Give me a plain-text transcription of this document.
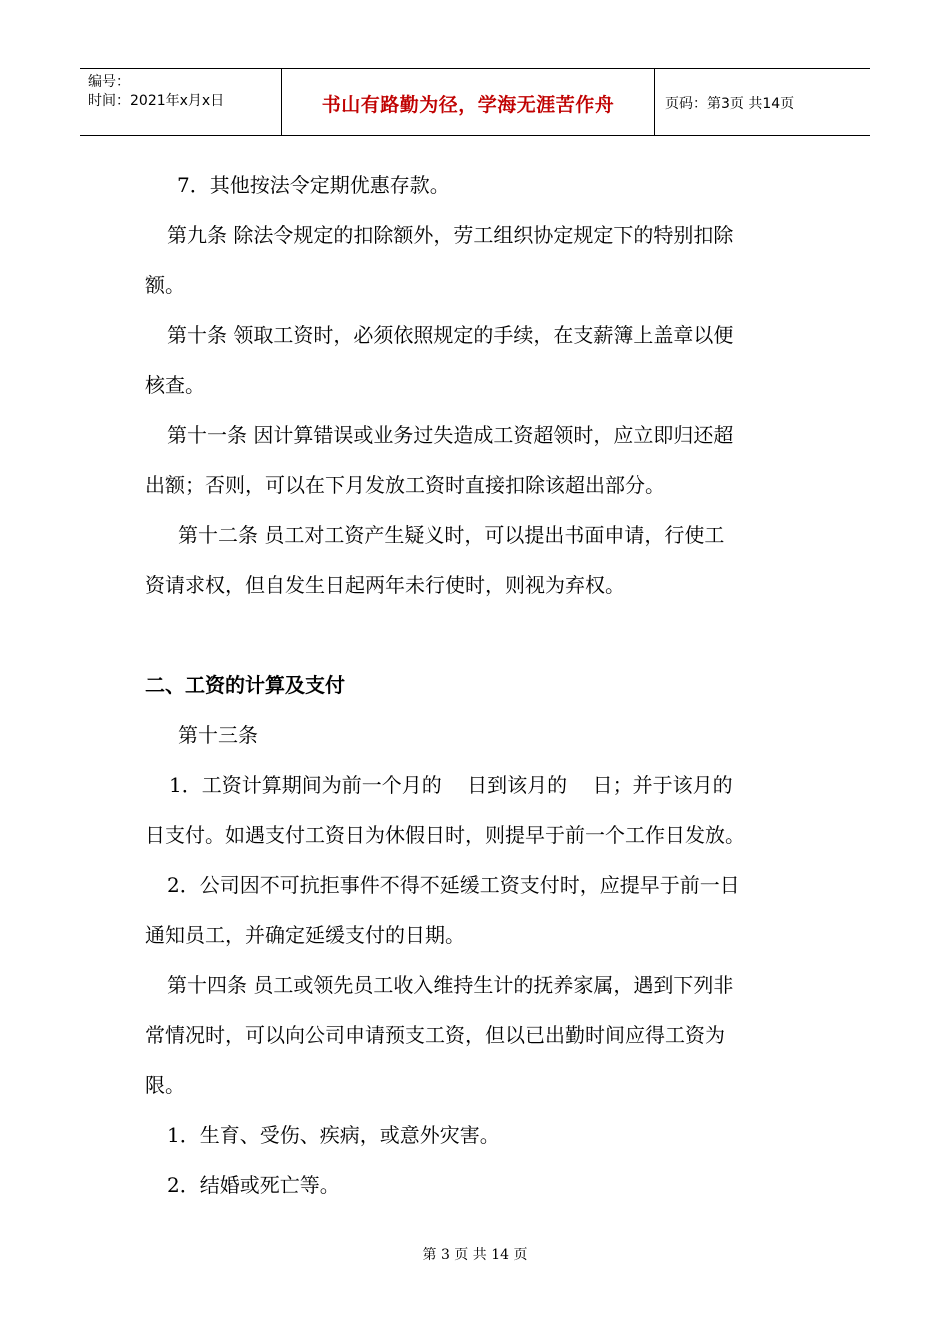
编号：
时间：2021年x月x日	书山有路勤为径，学海无涯苦作舟	页码：第3页 共14页

7．其他按法令定期优惠存款。

第九条 除法令规定的扣除额外，劳工组织协定规定下的特别扣除

额。

第十条 领取工资时，必须依照规定的手续，在支薪簿上盖章以便

核查。

第十一条 因计算错误或业务过失造成工资超领时，应立即归还超

出额；否则，可以在下月发放工资时直接扣除该超出部分。

第十二条 员工对工资产生疑义时，可以提出书面申请，行使工

资请求权，但自发生日起两年未行使时，则视为弃权。

二、工资的计算及支付

第十三条

1．工资计算期间为前一个月的    日到该月的    日；并于该月的

日支付。如遇支付工资日为休假日时，则提早于前一个工作日发放。

2．公司因不可抗拒事件不得不延缓工资支付时，应提早于前一日

通知员工，并确定延缓支付的日期。

第十四条 员工或领先员工收入维持生计的抚养家属，遇到下列非

常情况时，可以向公司申请预支工资，但以已出勤时间应得工资为

限。

1．生育、受伤、疾病，或意外灾害。

2．结婚或死亡等。

第 3 页 共 14 页
